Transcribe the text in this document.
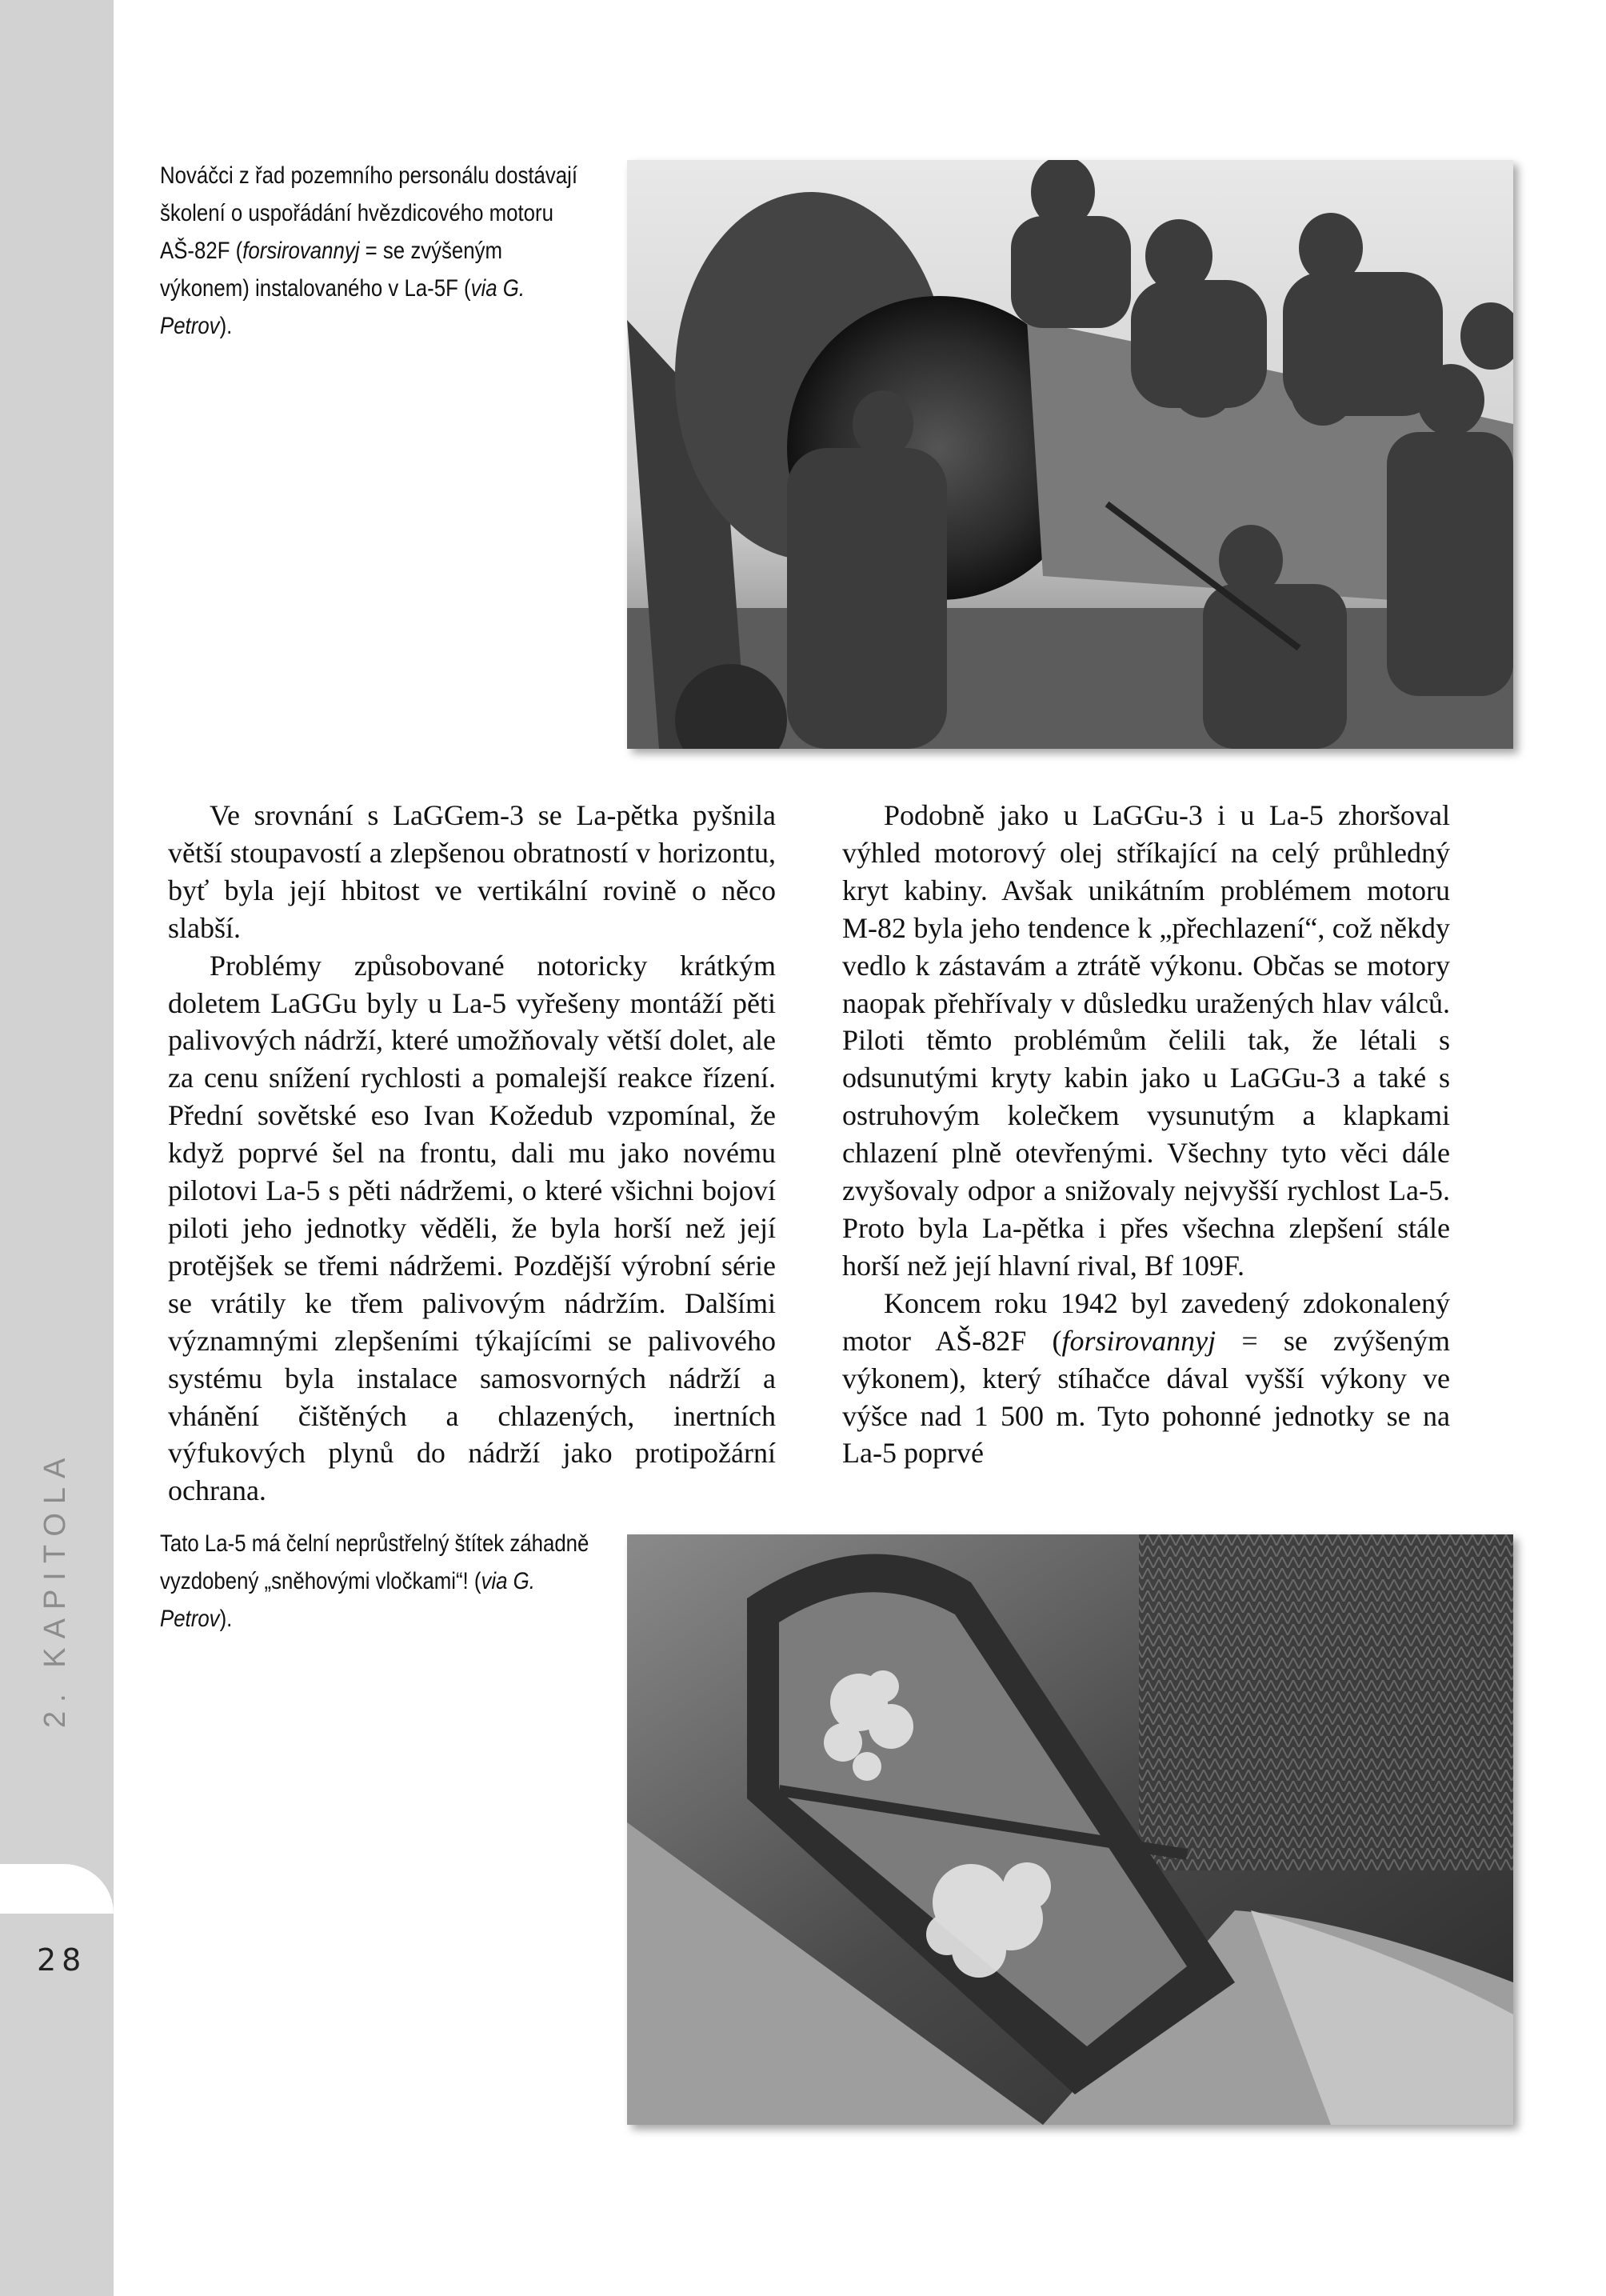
2. KAPITOLA
28
Nováčci z řad pozemního personálu dostávají školení o uspořádání hvězdicového motoru AŠ-82F (forsirovannyj = se zvýšeným výkonem) instalovaného v La-5F (via G. Petrov).

Ve srovnání s LaGGem-3 se La-pětka pyšnila větší stoupavostí a zlepšenou obratností v horizontu, byť byla její hbitost ve vertikální rovině o něco slabší.

Problémy způsobované notoricky krátkým doletem LaGGu byly u La-5 vyřešeny montáží pěti palivových nádrží, které umožňovaly větší dolet, ale za cenu snížení rychlosti a pomalejší reakce řízení. Přední sovětské eso Ivan Kožedub vzpomínal, že když poprvé šel na frontu, dali mu jako novému pilotovi La-5 s pěti nádržemi, o které všichni bojoví piloti jeho jednotky věděli, že byla horší než její protějšek se třemi nádržemi. Pozdější výrobní série se vrátily ke třem palivovým nádržím. Dalšími významnými zlepšeními týkajícími se palivového systému byla instalace samosvorných nádrží a vhánění čištěných a chlazených, inertních výfukových plynů do nádrží jako protipožární ochrana.

Podobně jako u LaGGu-3 i u La-5 zhoršoval výhled motorový olej stříkající na celý průhledný kryt kabiny. Avšak unikátním problémem motoru M-82 byla jeho tendence k „přechlazení“, což někdy vedlo k zástavám a ztrátě výkonu. Občas se motory naopak přehřívaly v důsledku uražených hlav válců. Piloti těmto problémům čelili tak, že létali s odsunutými kryty kabin jako u LaGGu-3 a také s ostruhovým kolečkem vysunutým a klapkami chlazení plně otevřenými. Všechny tyto věci dále zvyšovaly odpor a snižovaly nejvyšší rychlost La-5. Proto byla La-pětka i přes všechna zlepšení stále horší než její hlavní rival, Bf 109F.

Koncem roku 1942 byl zavedený zdokonalený motor AŠ-82F (forsirovannyj = se zvýšeným výkonem), který stíhačce dával vyšší výkony ve výšce nad 1 500 m. Tyto pohonné jednotky se na La-5 poprvé

Tato La-5 má čelní neprůstřelný štítek záhadně vyzdobený „sněhovými vločkami“! (via G. Petrov).
